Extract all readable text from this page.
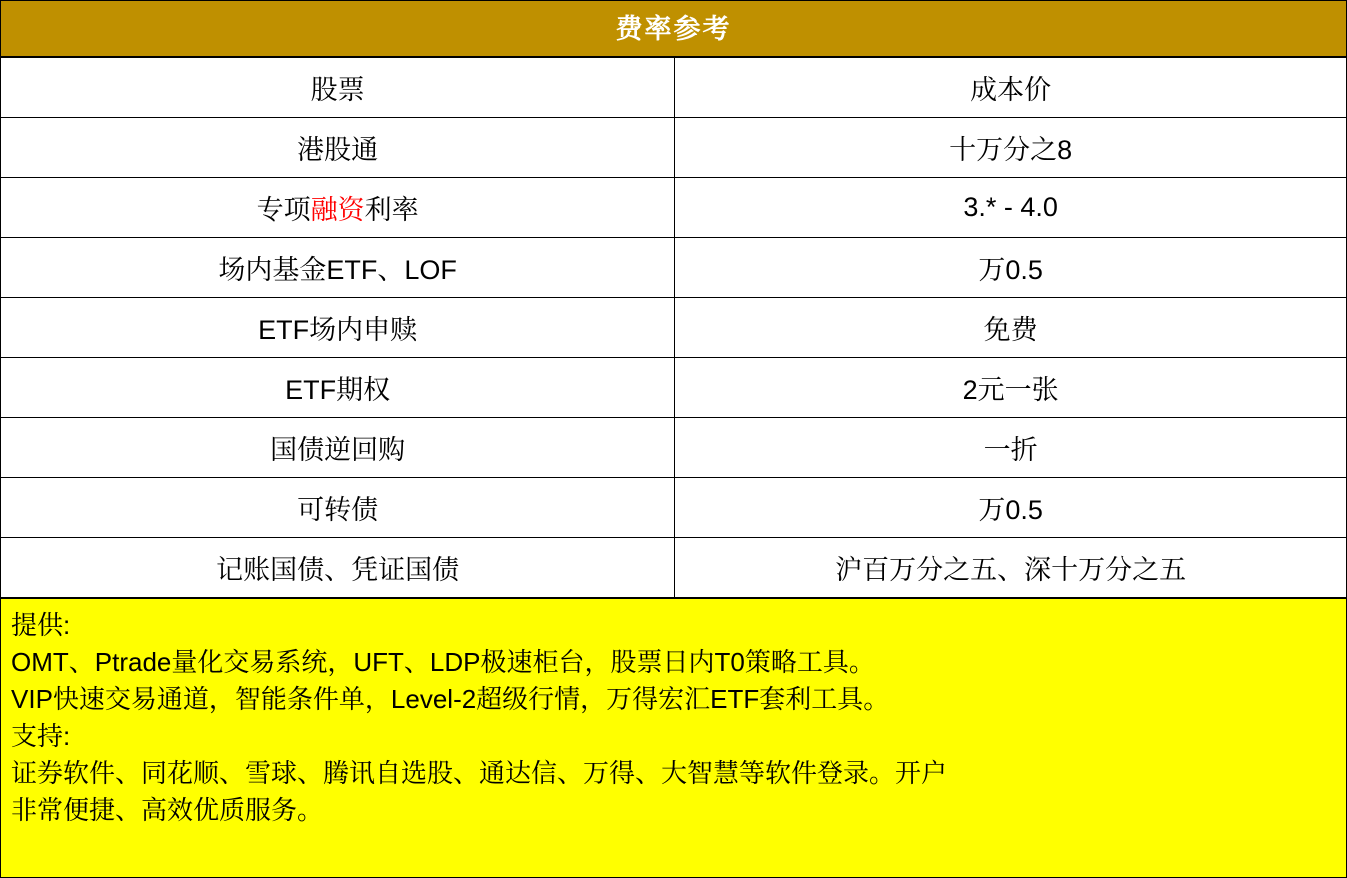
费率参考
股票	成本价
港股通	十万分之8
专项融资利率	3.* - 4.0
场内基金ETF、LOF	万0.5
ETF场内申赎	免费
ETF期权	2元一张
国债逆回购	一折
可转债	万0.5
记账国债、凭证国债	沪百万分之五、深十万分之五
提供:
OMT、Ptrade量化交易系统，UFT、LDP极速柜台，股票日内T0策略工具。
VIP快速交易通道，智能条件单，Level-2超级行情，万得宏汇ETF套利工具。
支持:
证券软件、同花顺、雪球、腾讯自选股、通达信、万得、大智慧等软件登录。开户
非常便捷、高效优质服务。
